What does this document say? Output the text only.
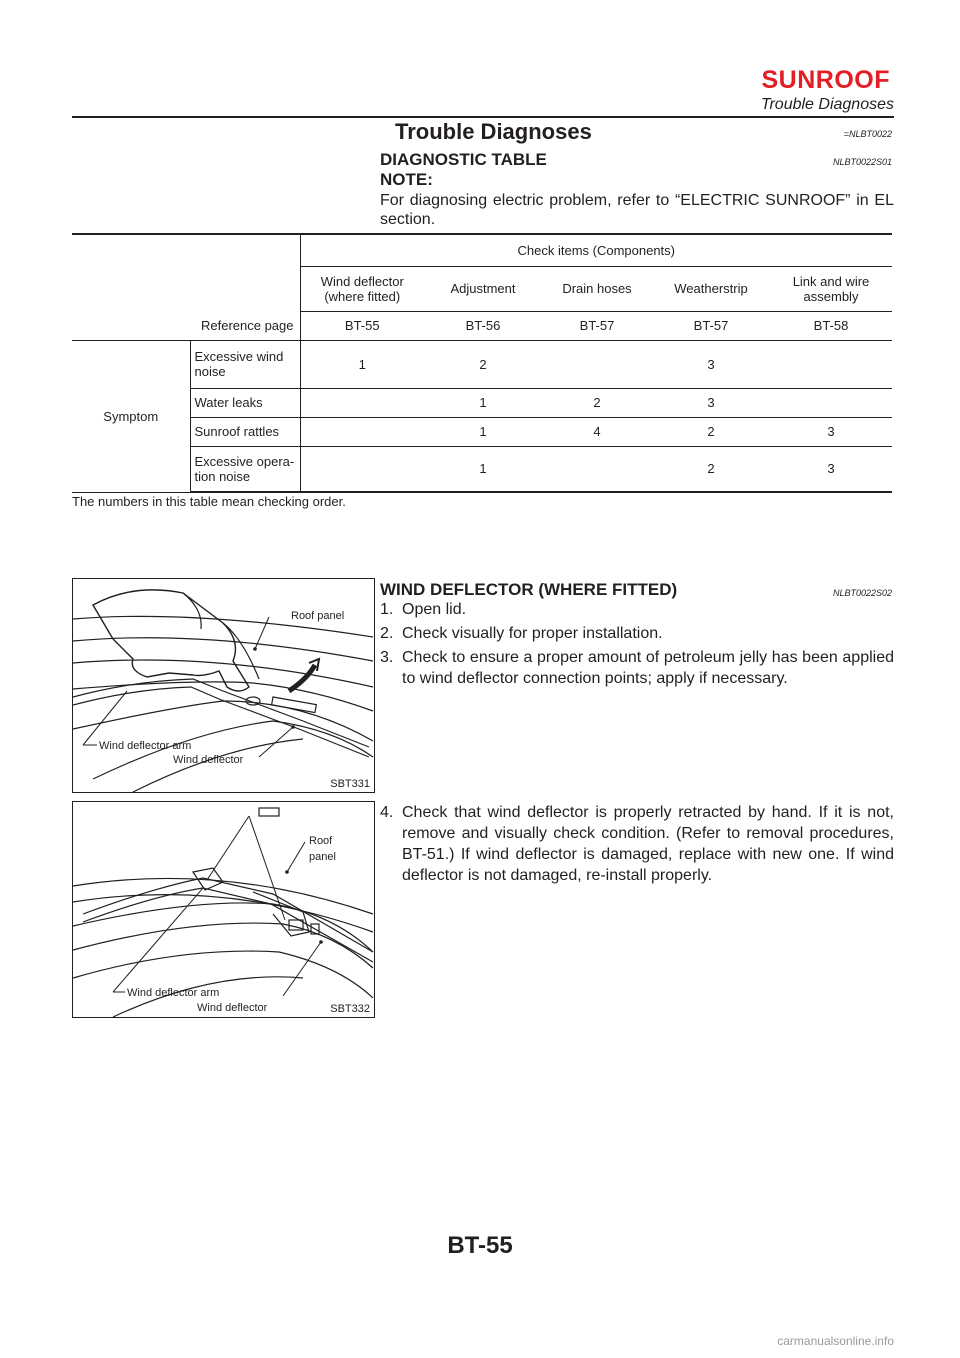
SUNROOF
Trouble Diagnoses
Trouble Diagnoses	=NLBT0022
DIAGNOSTIC TABLE	NLBT0022S01
NOTE:
For diagnosing electric problem, refer to “ELECTRIC SUNROOF” in EL section.
		Check items (Components)				
		Wind deflector (where fitted)	Adjustment	Drain hoses	Weatherstrip	Link and wire assembly
Reference page		BT-55	BT-56	BT-57	BT-57	BT-58
Symptom	Excessive wind noise	1	2		3	
	Water leaks		1	2	3	
	Sunroof rattles		1	4	2	3
	Excessive opera-tion noise		1		2	3
The numbers in this table mean checking order.
Roof panel
Wind deflector arm
Wind deflector
SBT331
Roof
panel
Wind deflector arm
Wind deflector	SBT332
WIND DEFLECTOR (WHERE FITTED)	NLBT0022S02
1. Open lid.
2. Check visually for proper installation.
3. Check to ensure a proper amount of petroleum jelly has been applied to wind deflector connection points; apply if necessary.
4. Check that wind deflector is properly retracted by hand. If it is not, remove and visually check condition. (Refer to removal procedures, BT-51.) If wind deflector is damaged, replace with new one. If wind deflector is not damaged, re-install properly.
BT-55
carmanualsonline.info
